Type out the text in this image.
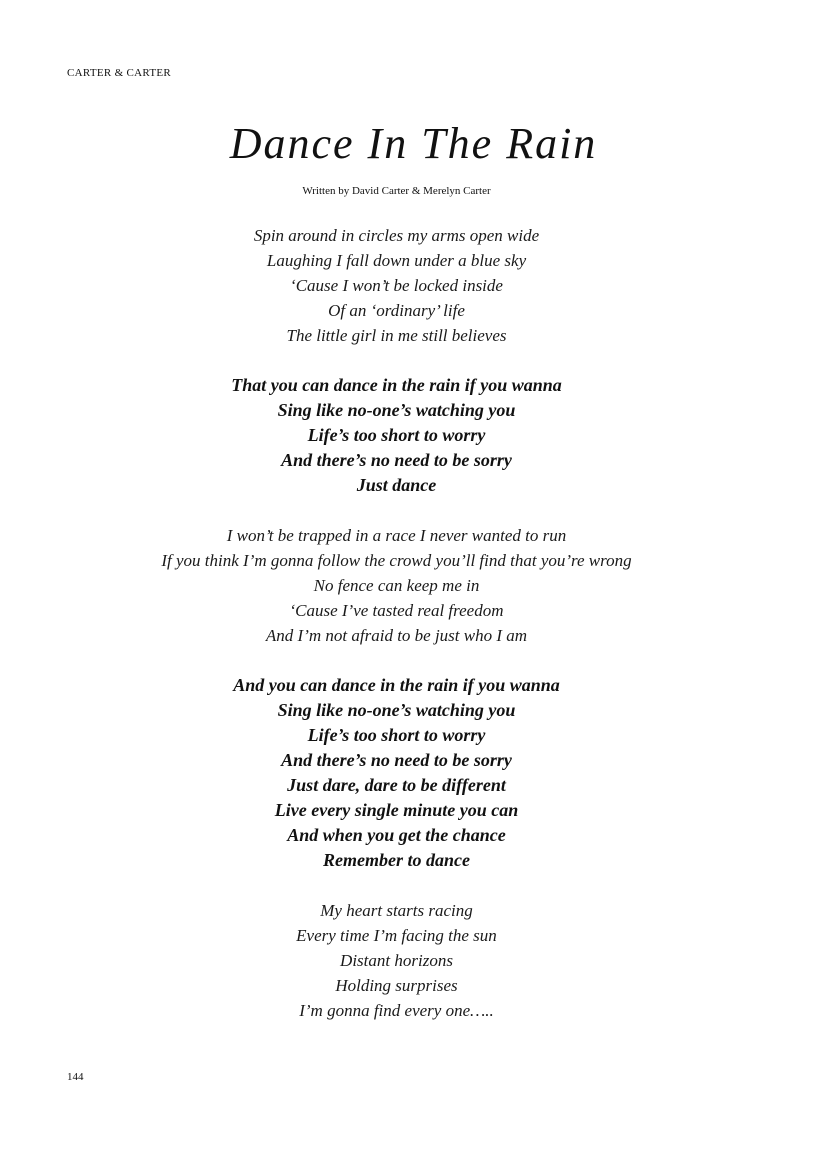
CARTER & CARTER
Dance In The Rain
Written by David Carter & Merelyn Carter
Spin around in circles my arms open wide
Laughing I fall down under a blue sky
‘Cause I won’t be locked inside
Of an ‘ordinary’ life
The little girl in me still believes
That you can dance in the rain if you wanna
Sing like no-one’s watching you
Life’s too short to worry
And there’s no need to be sorry
Just dance
I won’t be trapped in a race I never wanted to run
If you think I’m gonna follow the crowd you’ll find that you’re wrong
No fence can keep me in
‘Cause I’ve tasted real freedom
And I’m not afraid to be just who I am
And you can dance in the rain if you wanna
Sing like no-one’s watching you
Life’s too short to worry
And there’s no need to be sorry
Just dare, dare to be different
Live every single minute you can
And when you get the chance
Remember to dance
My heart starts racing
Every time I’m facing the sun
Distant horizons
Holding surprises
I’m gonna find every one…..
144
